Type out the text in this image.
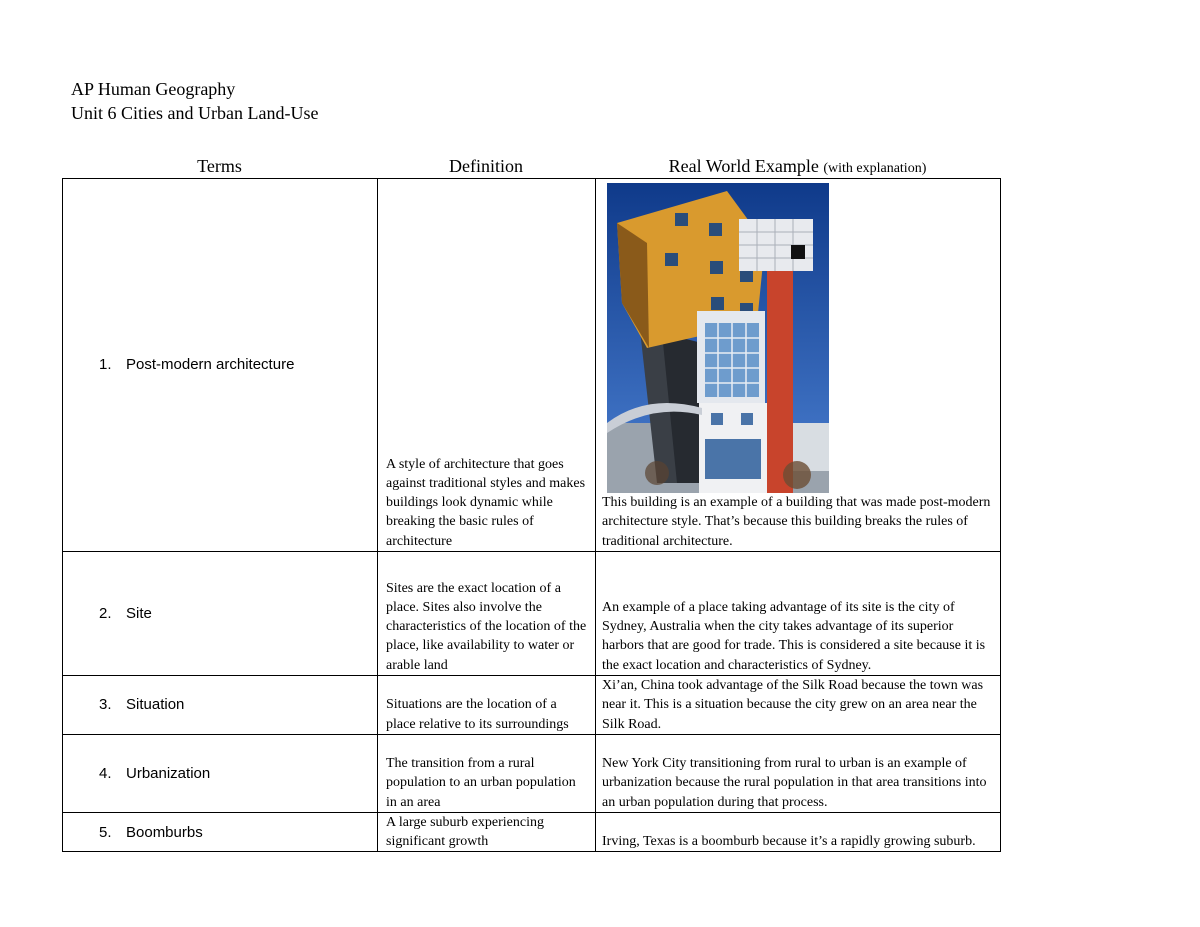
AP Human Geography
Unit 6 Cities and Urban Land-Use
Terms	Definition	Real World Example (with explanation)
1. Post-modern architecture	A style of architecture that goes against traditional styles and makes buildings look dynamic while breaking the basic rules of architecture	This building is an example of a building that was made post-modern architecture style. That’s because this building breaks the rules of traditional architecture.

2. Site	Sites are the exact location of a place. Sites also involve the characteristics of the location of the place, like availability to water or arable land	An example of a place taking advantage of its site is the city of Sydney, Australia when the city takes advantage of its superior harbors that are good for trade. This is considered a site because it is the exact location and characteristics of Sydney.
3. Situation	Situations are the location of a place relative to its surroundings	Xi’an, China took advantage of the Silk Road because the town was near it. This is a situation because the city grew on an area near the Silk Road.
4. Urbanization	The transition from a rural population to an urban population in an area	New York City transitioning from rural to urban is an example of urbanization because the rural population in that area transitions into an urban population during that process.
5. Boomburbs	A large suburb experiencing significant growth	Irving, Texas is a boomburb because it’s a rapidly growing suburb.
